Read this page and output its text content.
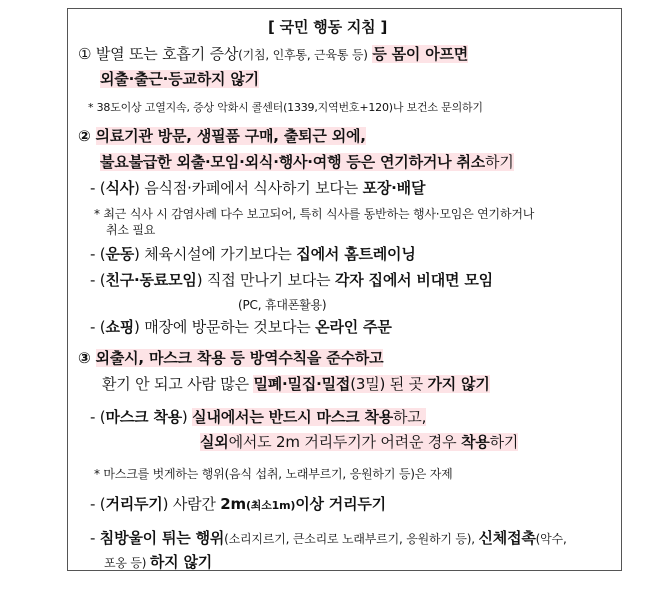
[ 국민 행동 지침 ]
① 발열 또는 호흡기 증상(기침, 인후통, 근육통 등) 등 몸이 아프면
외출·출근·등교하지 않기
* 38도이상 고열지속, 증상 악화시 콜센터(1339,지역번호+120)나 보건소 문의하기
② 의료기관 방문, 생필품 구매, 출퇴근 외에,
불요불급한 외출·모임·외식·행사·여행 등은 연기하거나 취소하기
- (식사) 음식점·카페에서 식사하기 보다는 포장·배달
* 최근 식사 시 감염사례 다수 보고되어, 특히 식사를 동반하는 행사·모임은 연기하거나
취소 필요
- (운동) 체육시설에 가기보다는 집에서 홈트레이닝
- (친구·동료모임) 직접 만나기 보다는 각자 집에서 비대면 모임
(PC, 휴대폰활용)
- (쇼핑) 매장에 방문하는 것보다는 온라인 주문
③ 외출시, 마스크 착용 등 방역수칙을 준수하고
환기 안 되고 사람 많은 밀폐·밀집·밀접(3밀) 된 곳 가지 않기
- (마스크 착용) 실내에서는 반드시 마스크 착용하고,
실외에서도 2m 거리두기가 어려운 경우 착용하기
* 마스크를 벗게하는 행위(음식 섭취, 노래부르기, 응원하기 등)은 자제
- (거리두기) 사람간 2m(최소1m)이상 거리두기
- 침방울이 튀는 행위(소리지르기, 큰소리로 노래부르기, 응원하기 등), 신체접촉(악수,
포옹 등) 하지 않기
